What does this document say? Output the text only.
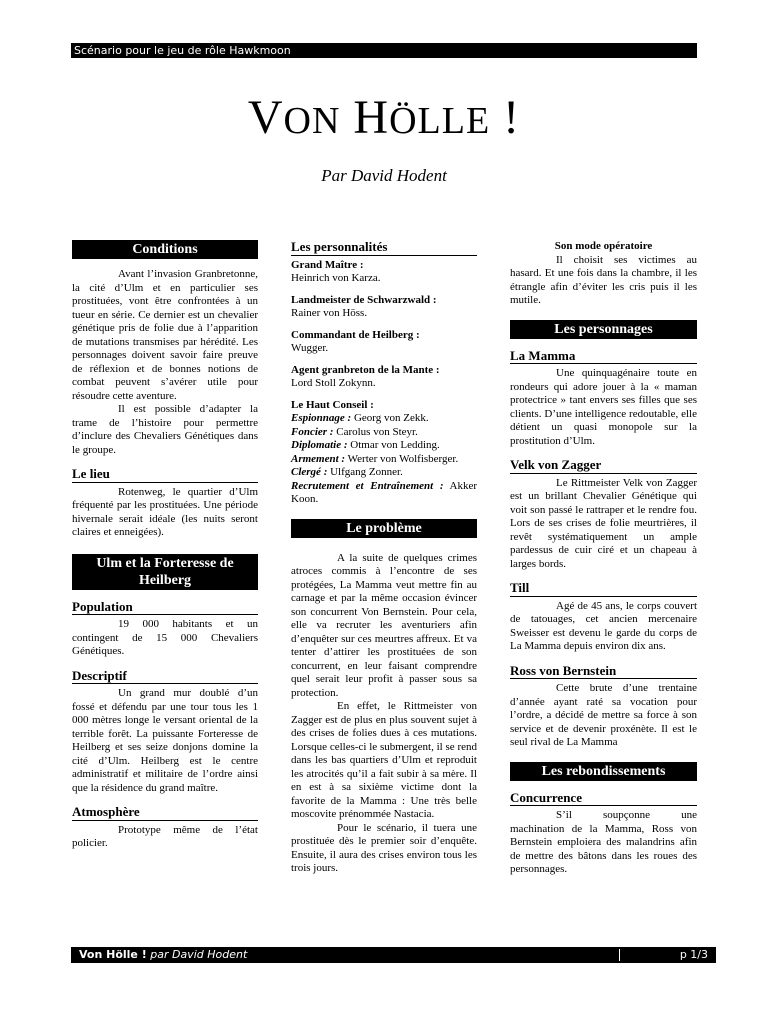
Scénario pour le jeu de rôle Hawkmoon
VON HÖLLE !
Par David Hodent
Conditions

Avant l’invasion Granbretonne, la cité d’Ulm et en particulier ses prostituées, vont être confrontées à un tueur en série. Ce dernier est un chevalier génétique pris de folie due à l’apparition de mutations transmises par hérédité. Les personnages doivent savoir faire preuve de réflexion et de bonnes notions de combat peuvent s’avérer utile pour résoudre cette aventure.

Il est possible d’adapter la trame de l’histoire pour permettre d’inclure des Chevaliers Génétiques dans le groupe.

Le lieu

Rotenweg, le quartier d’Ulm fréquenté par les prostituées. Une période hivernale serait idéale (les nuits seront claires et enneigées).

Ulm et la Forteresse de Heilberg
Population

19 000 habitants et un contingent de 15 000 Chevaliers Génétiques.

Descriptif

Un grand mur doublé d’un fossé et défendu par une tour tous les 1 000 mètres longe le versant oriental de la terrible forêt. La puissante Forteresse de Heilberg et ses seize donjons domine la cité d’Ulm. Heilberg est le centre administratif et militaire de l’ordre ainsi que la résidence du grand maître.

Atmosphère

Prototype même de l’état policier.

Les personnalités
Grand Maître :

Heinrich von Karza.

Landmeister de Schwarzwald :

Rainer von Höss.

Commandant de Heilberg :

Wugger.

Agent granbreton de la Mante :

Lord Stoll Zokynn.

Le Haut Conseil :

Espionnage : Georg von Zekk.

Foncier : Carolus von Steyr.

Diplomatie : Otmar von Ledding.

Armement : Werter von Wolfisberger.

Clergé : Ulfgang Zonner.

Recrutement et Entraînement : Akker Koon.

Le problème

A la suite de quelques crimes atroces commis à l’encontre de ses protégées, La Mamma veut mettre fin au carnage et par la même occasion évincer son concurrent Von Bernstein. Pour cela, elle va recruter les aventuriers afin d’enquêter sur ces meurtres affreux. Et va tenter d’attirer les prostituées de son concurrent, en leur faisant comprendre quel serait leur profit à passer sous sa protection.

En effet, le Rittmeister von Zagger est de plus en plus souvent sujet à des crises de folies dues à ces mutations. Lorsque celles-ci le submergent, il se rend dans les bas quartiers d’Ulm et reproduit les atrocités qu’il a fait subir à sa mère. Il en est à sa sixième victime dont la favorite de la Mamma : Une très belle moscovite prénommée Nastacia.

Pour le scénario, il tuera une prostituée dès le premier soir d’enquête. Ensuite, il aura des crises environ tous les trois jours.

Son mode opératoire

Il choisit ses victimes au hasard. Et une fois dans la chambre, il les étrangle afin d’éviter les cris puis il les mutile.

Les personnages
La Mamma

Une quinquagénaire toute en rondeurs qui adore jouer à la « maman protectrice » tant envers ses filles que ses clients. D’une intelligence redoutable, elle détient un quasi monopole sur la prostitution d’Ulm.

Velk von Zagger

Le Rittmeister Velk von Zagger est un brillant Chevalier Génétique qui voit son passé le rattraper et le rendre fou. Lors de ses crises de folie meurtrières, il revêt systématiquement un ample pardessus de cuir ciré et un chapeau à larges bords.

Till

Agé de 45 ans, le corps couvert de tatouages, cet ancien mercenaire Sweisser est devenu le garde du corps de La Mamma depuis environ dix ans.

Ross von Bernstein

Cette brute d’une trentaine d’année ayant raté sa vocation pour l’ordre, a décidé de mettre sa force à son service et de devenir proxénète. Il est le seul rival de La Mamma

Les rebondissements
Concurrence

S’il soupçonne une machination de la Mamma, Ross von Bernstein emploiera des malandrins afin de mettre des bâtons dans les roues des personnages.

Von Hölle ! par David Hodent	p 1/3
